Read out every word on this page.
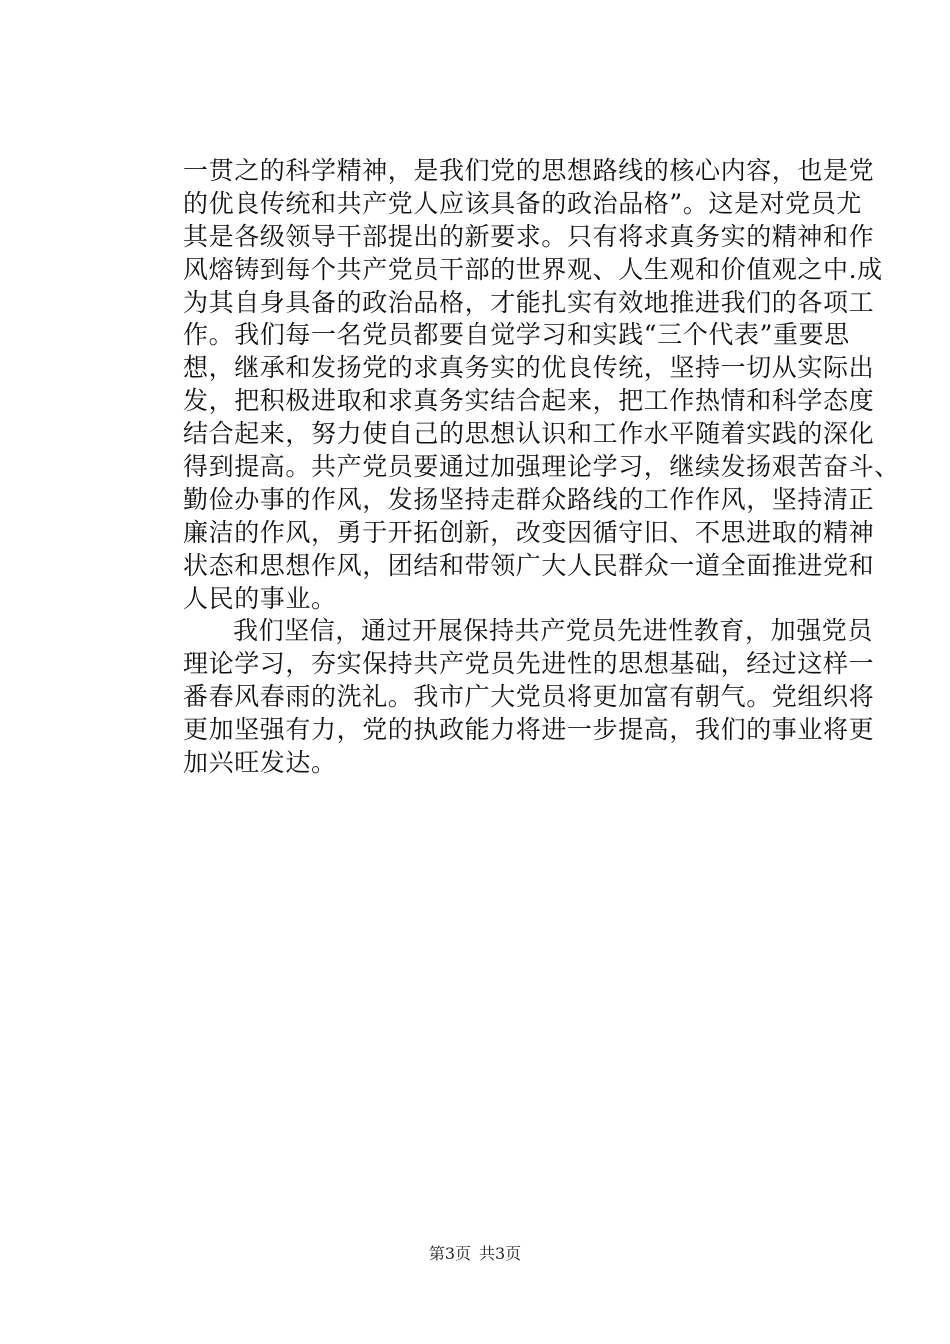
一贯之的科学精神，是我们党的思想路线的核心内容，也是党
的优良传统和共产党人应该具备的政治品格”。这是对党员尤
其是各级领导干部提出的新要求。只有将求真务实的精神和作
风熔铸到每个共产党员干部的世界观、人生观和价值观之中.成
为其自身具备的政治品格，才能扎实有效地推进我们的各项工
作。我们每一名党员都要自觉学习和实践“三个代表”重要思
想，继承和发扬党的求真务实的优良传统，坚持一切从实际出
发，把积极进取和求真务实结合起来，把工作热情和科学态度
结合起来，努力使自己的思想认识和工作水平随着实践的深化
得到提高。共产党员要通过加强理论学习，继续发扬艰苦奋斗、
勤俭办事的作风，发扬坚持走群众路线的工作作风，坚持清正
廉洁的作风，勇于开拓创新，改变因循守旧、不思进取的精神
状态和思想作风，团结和带领广大人民群众一道全面推进党和
人民的事业。
我们坚信，通过开展保持共产党员先进性教育，加强党员
理论学习，夯实保持共产党员先进性的思想基础，经过这样一
番春风春雨的洗礼。我市广大党员将更加富有朝气。党组织将
更加坚强有力，党的执政能力将进一步提高，我们的事业将更
加兴旺发达。
第3页 共3页
